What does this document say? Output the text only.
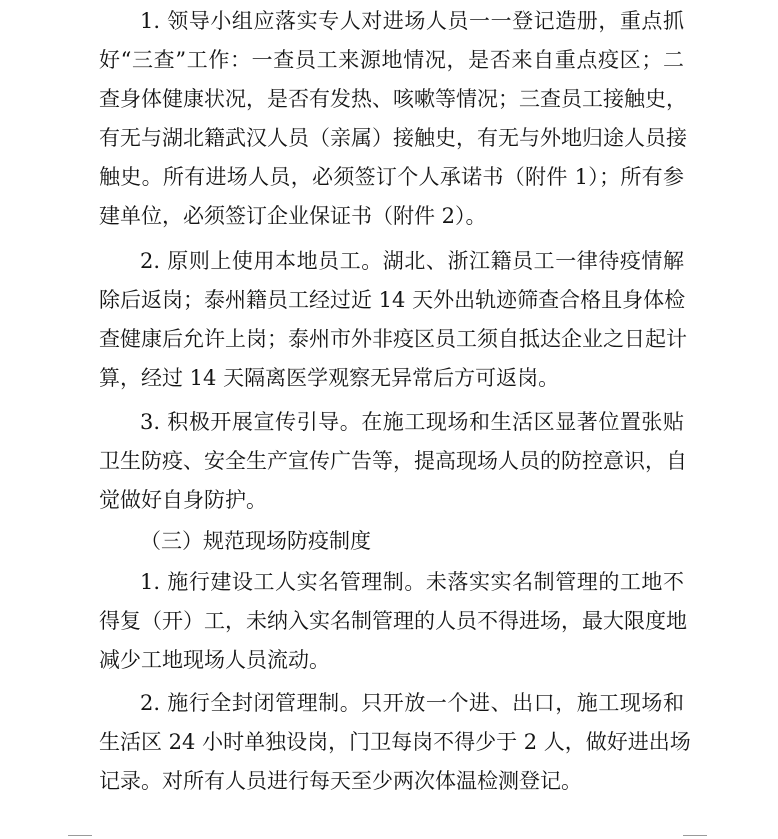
1. 领导小组应落实专人对进场人员一一登记造册，重点抓
好“三查”工作：一查员工来源地情况，是否来自重点疫区；二
查身体健康状况，是否有发热、咳嗽等情况；三查员工接触史，
有无与湖北籍武汉人员（亲属）接触史，有无与外地归途人员接
触史。所有进场人员，必须签订个人承诺书（附件 1）；所有参
建单位，必须签订企业保证书（附件 2）。
2. 原则上使用本地员工。湖北、浙江籍员工一律待疫情解
除后返岗；泰州籍员工经过近 14 天外出轨迹筛查合格且身体检
查健康后允许上岗；泰州市外非疫区员工须自抵达企业之日起计
算，经过 14 天隔离医学观察无异常后方可返岗。
3. 积极开展宣传引导。在施工现场和生活区显著位置张贴
卫生防疫、安全生产宣传广告等，提高现场人员的防控意识，自
觉做好自身防护。
（三）规范现场防疫制度
1. 施行建设工人实名管理制。未落实实名制管理的工地不
得复（开）工，未纳入实名制管理的人员不得进场，最大限度地
减少工地现场人员流动。
2. 施行全封闭管理制。只开放一个进、出口，施工现场和
生活区 24 小时单独设岗，门卫每岗不得少于 2 人，做好进出场
记录。对所有人员进行每天至少两次体温检测登记。
